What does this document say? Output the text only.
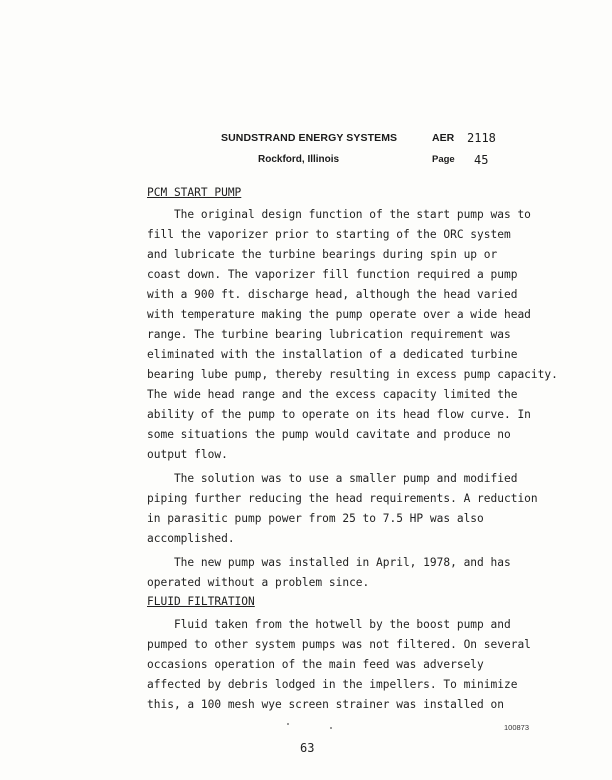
SUNDSTRAND ENERGY SYSTEMS
Rockford, Illinois
AER 2118
Page 45
PCM START PUMP
The original design function of the start pump was to
fill the vaporizer prior to starting of the ORC system
and lubricate the turbine bearings during spin up or
coast down. The vaporizer fill function required a pump
with a 900 ft. discharge head, although the head varied
with temperature making the pump operate over a wide head
range. The turbine bearing lubrication requirement was
eliminated with the installation of a dedicated turbine
bearing lube pump, thereby resulting in excess pump capacity.
The wide head range and the excess capacity limited the
ability of the pump to operate on its head flow curve. In
some situations the pump would cavitate and produce no
output flow.
The solution was to use a smaller pump and modified
piping further reducing the head requirements. A reduction
in parasitic pump power from 25 to 7.5 HP was also
accomplished.
The new pump was installed in April, 1978, and has
operated without a problem since.
FLUID FILTRATION
Fluid taken from the hotwell by the boost pump and
pumped to other system pumps was not filtered. On several
occasions operation of the main feed was adversely
affected by debris lodged in the impellers. To minimize
this, a 100 mesh wye screen strainer was installed on
100873
63
